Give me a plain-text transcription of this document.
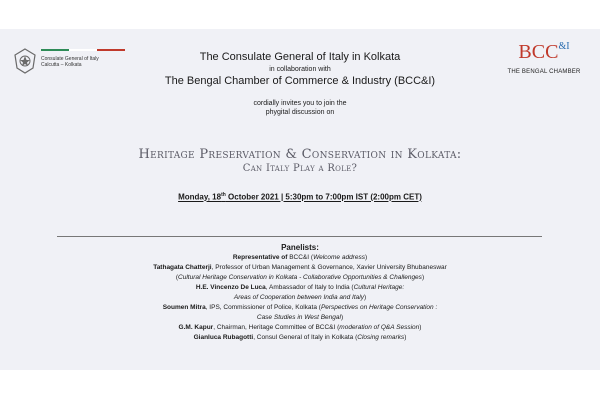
Consulate General of Italy
Calcutta – Kolkata
$BCC^{\&I}$
THE BENGAL CHAMBER
The Consulate General of Italy in Kolkata
in collaboration with
The Bengal Chamber of Commerce & Industry (BCC&I)
cordially invites you to join the
phygital discussion on
Heritage Preservation & Conservation in Kolkata:
Can Italy Play a Role?
Monday, 18th October 2021 | 5:30pm to 7:00pm IST (2:00pm CET)
Panelists:
Representative of BCC&I (Welcome address)
Tathagata Chatterji, Professor of Urban Management & Governance, Xavier University Bhubaneswar
(Cultural Heritage Conservation in Kolkata - Collaborative Opportunities & Challenges)
H.E. Vincenzo De Luca, Ambassador of Italy to India (Cultural Heritage:
Areas of Cooperation between India and Italy)
Soumen Mitra, IPS, Commissioner of Police, Kolkata (Perspectives on Heritage Conservation :
Case Studies in West Bengal)
G.M. Kapur, Chairman, Heritage Committee of BCC&I (moderation of Q&A Session)
Gianluca Rubagotti, Consul General of Italy in Kolkata (Closing remarks)
